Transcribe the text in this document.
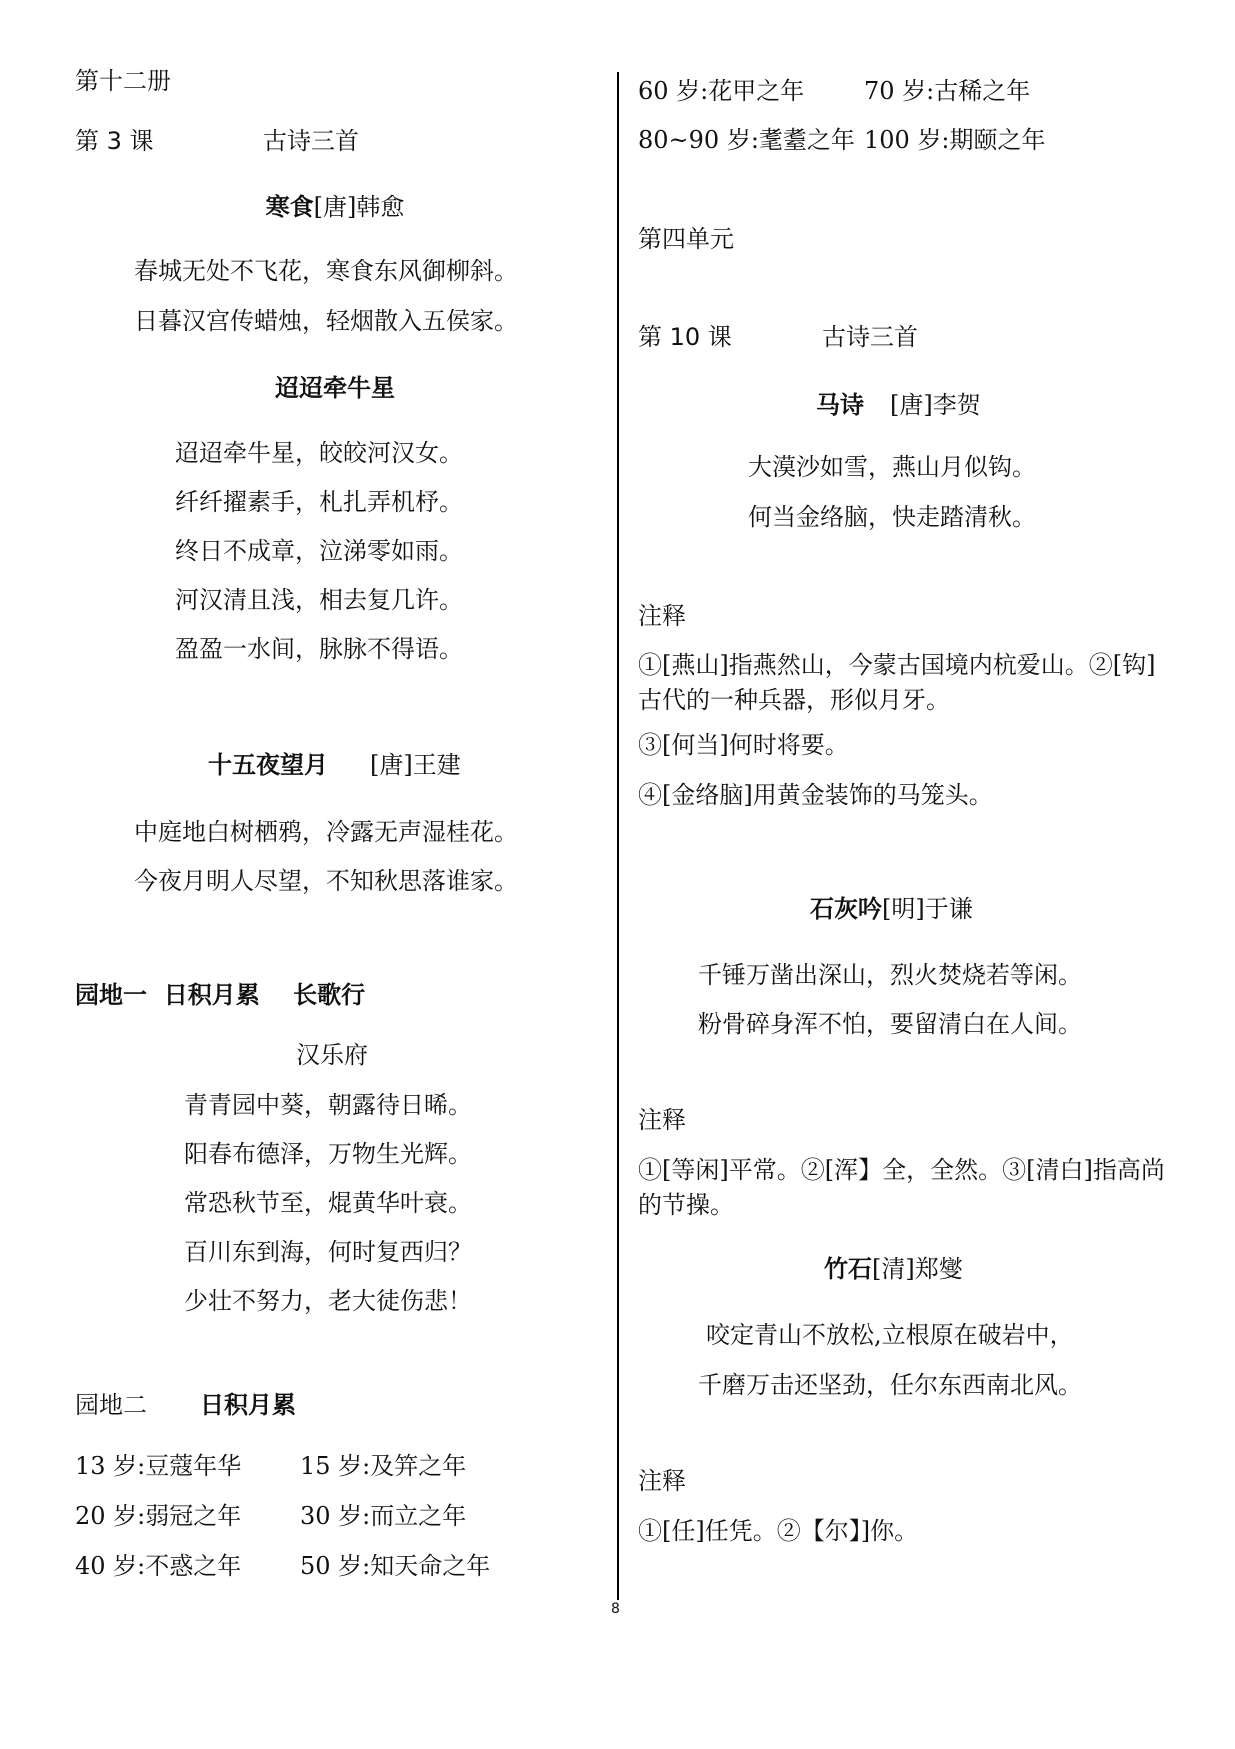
第十二册
第 3 课	古诗三首
寒食[唐]韩愈
春城无处不飞花，寒食东风御柳斜。
日暮汉宫传蜡烛，轻烟散入五侯家。
迢迢牵牛星
迢迢牵牛星，皎皎河汉女。
纤纤擢素手，札扎弄机杼。
终日不成章，泣涕零如雨。
河汉清且浅，相去复几许。
盈盈一水间，脉脉不得语。
十五夜望月 [唐]王建
中庭地白树栖鸦，冷露无声湿桂花。
今夜月明人尽望，不知秋思落谁家。
园地一  日积月累    长歌行
汉乐府
青青园中葵，朝露待日晞。
阳春布德泽，万物生光辉。
常恐秋节至，焜黄华叶衰。
百川东到海，何时复西归？
少壮不努力，老大徒伤悲！
园地二 日积月累
13 岁:豆蔻年华 15 岁:及笄之年
20 岁:弱冠之年 30 岁:而立之年
40 岁:不惑之年 50 岁:知天命之年
60 岁:花甲之年 70 岁:古稀之年
80~90 岁:耄耋之年 100 岁:期颐之年
第四单元
第 10 课	古诗三首
马诗 [唐]李贺
大漠沙如雪，燕山月似钩。
何当金络脑，快走踏清秋。
注释
①[燕山]指燕然山，今蒙古国境内杭爱山。②[钩]古代的一种兵器，形似月牙。
③[何当]何时将要。
④[金络脑]用黄金装饰的马笼头。
石灰吟[明]于谦
千锤万凿出深山，烈火焚烧若等闲。
粉骨碎身浑不怕，要留清白在人间。
注释
①[等闲]平常。②[浑】全，全然。③[清白]指高尚的节操。
竹石[清]郑燮
咬定青山不放松,立根原在破岩中，
千磨万击还坚劲，任尔东西南北风。
注释
①[任]任凭。②【尔】]你。
8
